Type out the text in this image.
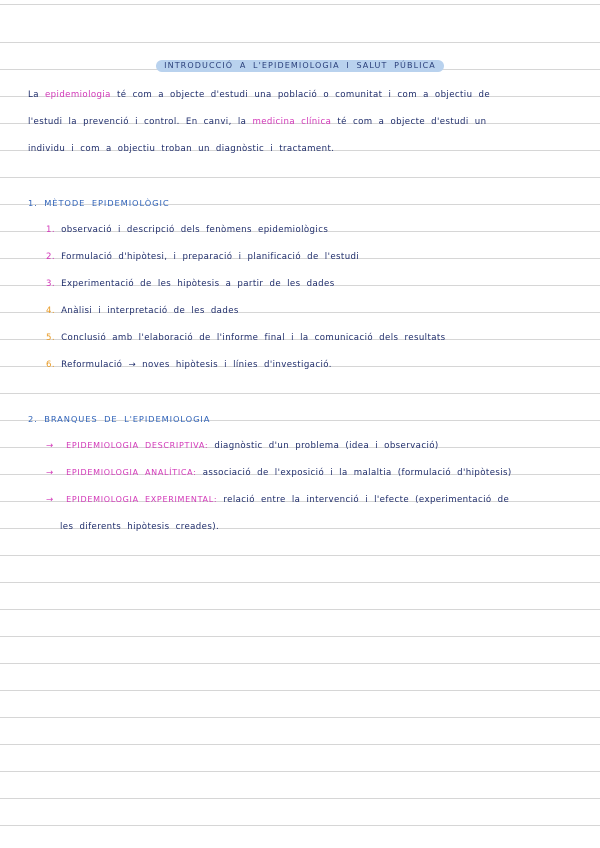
INTRODUCCIÓ A L'EPIDEMIOLOGIA I SALUT PÚBLICA
La epidemiologia té com a objecte d'estudi una població o comunitat i com a objectiu de
l'estudi la prevenció i control. En canvi, la medicina clínica té com a objecte d'estudi un
individu i com a objectiu troban un diagnòstic i tractament.
1. MÈTODE EPIDEMIOLÒGIC
1. observació i descripció dels fenòmens epidemiològics
2. Formulació d'hipòtesi, i preparació i planificació de l'estudi
3. Experimentació de les hipòtesis a partir de les dades
4. Anàlisi i interpretació de les dades
5. Conclusió amb l'elaboració de l'informe final i la comunicació dels resultats
6. Reformulació → noves hipòtesis i línies d'investigació.
2. BRANQUES DE L'EPIDEMIOLOGIA
→ EPIDEMIOLOGIA DESCRIPTIVA: diagnòstic d'un problema (idea i observació)
→ EPIDEMIOLOGIA ANALÍTICA: associació de l'exposició i la malaltia (formulació d'hipòtesis)
→ EPIDEMIOLOGIA EXPERIMENTAL: relació entre la intervenció i l'efecte (experimentació de
les diferents hipòtesis creades).
